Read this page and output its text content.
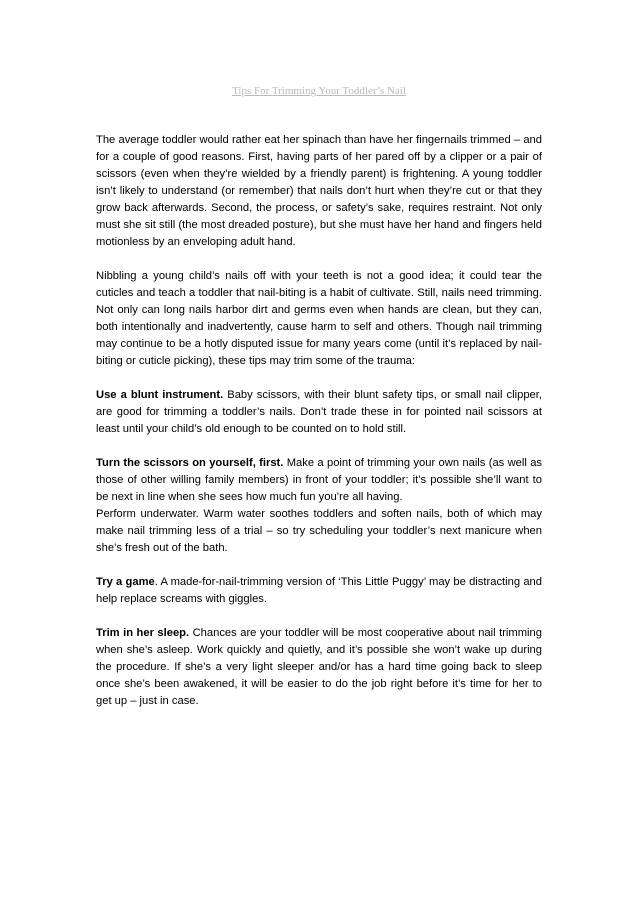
Tips For Trimming Your Toddler’s Nail

The average toddler would rather eat her spinach than have her fingernails trimmed – and for a couple of good reasons. First, having parts of her pared off by a clipper or a pair of scissors (even when they’re wielded by a friendly parent) is frightening. A young toddler isn’t likely to understand (or remember) that nails don’t hurt when they’re cut or that they grow back afterwards. Second, the process, or safety’s sake, requires restraint. Not only must she sit still (the most dreaded posture), but she must have her hand and fingers held motionless by an enveloping adult hand.

Nibbling a young child’s nails off with your teeth is not a good idea; it could tear the cuticles and teach a toddler that nail-biting is a habit of cultivate. Still, nails need trimming. Not only can long nails harbor dirt and germs even when hands are clean, but they can, both intentionally and inadvertently, cause harm to self and others. Though nail trimming may continue to be a hotly disputed issue for many years come (until it’s replaced by nail-biting or cuticle picking), these tips may trim some of the trauma:

Use a blunt instrument. Baby scissors, with their blunt safety tips, or small nail clipper, are good for trimming a toddler’s nails. Don’t trade these in for pointed nail scissors at least until your child’s old enough to be counted on to hold still.

Turn the scissors on yourself, first. Make a point of trimming your own nails (as well as those of other willing family members) in front of your toddler; it’s possible she’ll want to be next in line when she sees how much fun you’re all having.

Perform underwater. Warm water soothes toddlers and soften nails, both of which may make nail trimming less of a trial – so try scheduling your toddler’s next manicure when she’s fresh out of the bath.

Try a game. A made-for-nail-trimming version of ‘This Little Puggy’ may be distracting and help replace screams with giggles.

Trim in her sleep. Chances are your toddler will be most cooperative about nail trimming when she’s asleep. Work quickly and quietly, and it’s possible she won’t wake up during the procedure. If she’s a very light sleeper and/or has a hard time going back to sleep once she’s been awakened, it will be easier to do the job right before it’s time for her to get up – just in case.
